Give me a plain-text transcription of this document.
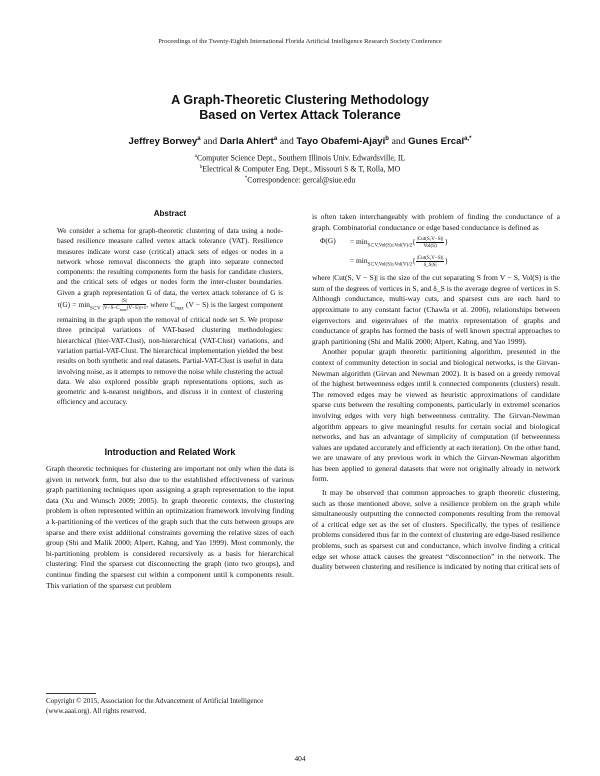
Proceedings of the Twenty-Eighth International Florida Artificial Intelligence Research Society Conference
A Graph-Theoretic Clustering Methodology
Based on Vertex Attack Tolerance
Jeffrey Borwey$^a$ and Darla Ahlert$^a$ and Tayo Obafemi-Ajayi$^b$ and Gunes Ercal$^{a,*}$
$^a$Computer Science Dept., Southern Illinois Univ. Edwardsville, IL
$^b$Electrical & Computer Eng. Dept., Missouri S & T, Rolla, MO
*Correspondence: gercal@siue.edu
Abstract
We consider a schema for graph-theoretic clustering of data using a node-based resilience measure called vertex attack tolerance (VAT). Resilience measures indicate worst case (critical) attack sets of edges or nodes in a network whose removal disconnects the graph into separate connected components: the resulting components form the basis for candidate clusters, and the critical sets of edges or nodes form the inter-cluster boundaries. Given a graph representation G of data, the vertex attack tolerance of G is $\tau(G) = \min_{S\subset V} \frac{|S|}{|V-S-C_{max}(V-S)|+1}$, where $C_{max}$ (V − S) is the largest component remaining in the graph upon the removal of critical node set S. We propose three principal variations of VAT-based clustering methodologies: hierarchical (hier-VAT-Clust), non-hierarchical (VAT-Clust) variations, and variation partial-VAT-Clust. The hierarchical implementation yielded the best results on both synthetic and real datasets. Partial-VAT-Clust is useful in data involving noise, as it attempts to remove the noise while clustering the actual data. We also explored possible graph representations options, such as geometric and k-nearest neighbors, and discuss it in context of clustering efficiency and accuracy.
Introduction and Related Work

Graph theoretic techniques for clustering are important not only when the data is given in network form, but also due to the established effectiveness of various graph partitioning techniques upon assigning a graph representation to the input data (Xu and Wunsch 2009; 2005). In graph theoretic contexts, the clustering problem is often represented within an optimization framework involving finding a k-partitioning of the vertices of the graph such that the cuts between groups are sparse and there exist additional constraints governing the relative sizes of each group (Shi and Malik 2000; Alpert, Kahng, and Yao 1999). Most commonly, the bi-partitioning problem is considered recursively as a basis for hierarchical clustering: Find the sparsest cut disconnecting the graph (into two groups), and continue finding the sparsest cut within a component until k components result. This variation of the sparsest cut problem

Copyright © 2015, Association for the Advancement of Artificial Intelligence (www.aaai.org). All rights reserved.

is often taken interchangeably with problem of finding the conductance of a graph. Combinatorial conductance or edge based conductance is defined as

$\Phi(G) = \min_{S\subset V,Vol(S)\le Vol(V)/2}\{ \frac{\text{|Cut(S,V−S)|}}{\text{Vol(S)}}\}$
= $\min_{S\subset V,Vol(S)\le Vol(V)/2}\{ \frac{\text{|Cut(S,V−S)|}}{\delta\_S|S|}\}$

where |Cut(S, V − S)| is the size of the cut separating S from V − S, Vol(S) is the sum of the degrees of vertices in S, and δ_S is the average degree of vertices in S. Although conductance, multi-way cuts, and sparsest cuts are each hard to approximate to any constant factor (Chawla et al. 2006), relationships between eigenvectors and eigenvalues of the matrix representation of graphs and conductance of graphs has formed the basis of well known spectral approaches to graph partitioning (Shi and Malik 2000; Alpert, Kahng, and Yao 1999).

Another popular graph theoretic partitioning algorithm, presented in the context of community detection in social and biological networks, is the Girvan-Newman algorithm (Girvan and Newman 2002). It is based on a greedy removal of the highest betweenness edges until k connected components (clusters) result. The removed edges may be viewed as heuristic approximations of candidate sparse cuts between the resulting components, particularly in extremel scenarios involving edges with very high betweenness centrality. The Girvan-Newman algorithm appears to give meaningful results for certain social and biological networks, and has an advantage of simplicity of computation (if betweenness values are updated accurately and efficiently at each iteration). On the other hand, we are unaware of any previous work in which the Girvan-Newman algorithm has been applied to general datasets that were not originally already in network form.

It may be observed that common approaches to graph theoretic clustering, such as those mentioned above, solve a resilience problem on the graph while simultaneously outputting the connected components resulting from the removal of a critical edge set as the set of clusters. Specifically, the types of resilience problems considered thus far in the context of clustering are edge-based resilience problems, such as sparsest cut and conductance, which involve finding a critical edge set whose attack causes the greatest “disconnection” in the network. The duality between clustering and resilience is indicated by noting that critical sets of

404
